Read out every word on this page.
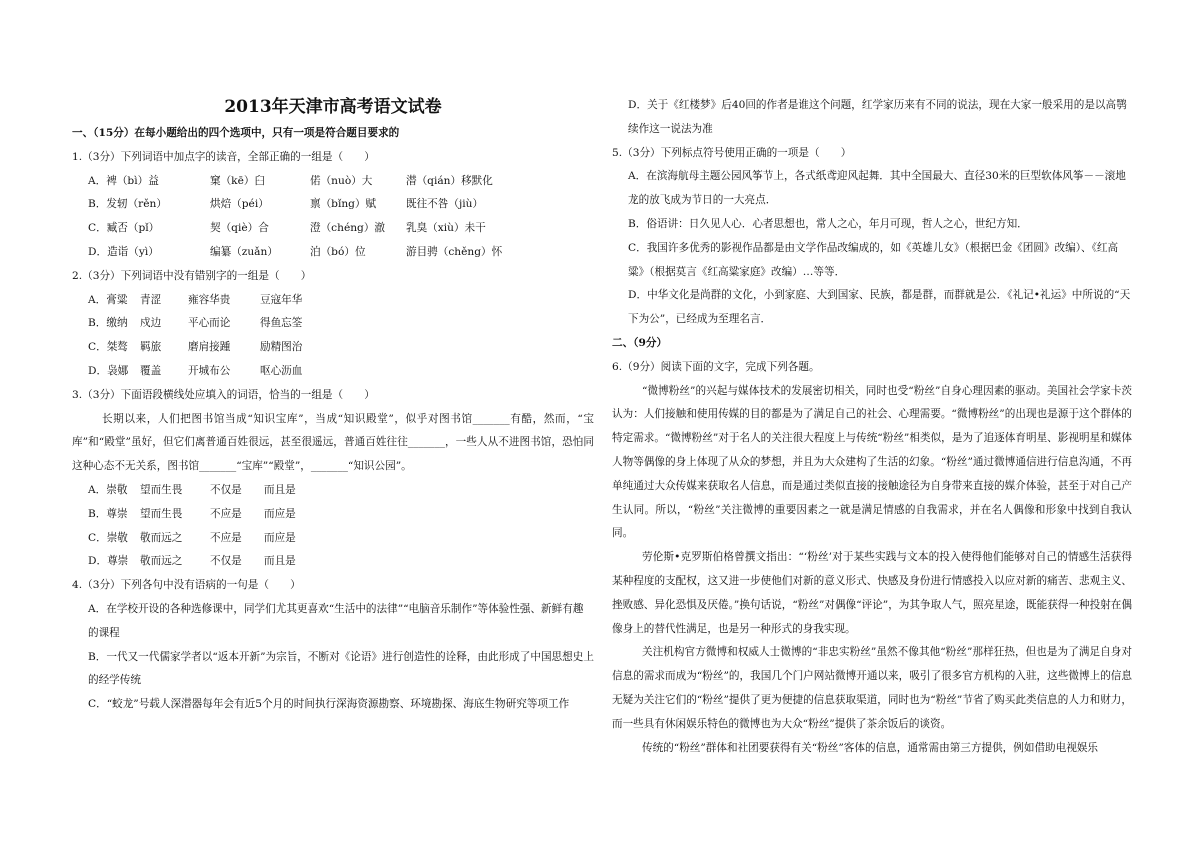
2013年天津市高考语文试卷
一、（15分）在每小题给出的四个选项中，只有一项是符合题目要求的
1.（3分）下列词语中加点字的读音，全部正确的一组是（　　）
A．裨（bì）益	窠（kē）臼	偌（nuò）大	潜（qián）移默化
B．发轫（rěn）	烘焙（péi）	禀（bǐng）赋	既往不咎（jiù）
C．臧否（pǐ）	契（qiè）合	澄（chéng）澈	乳臭（xiù）未干
D．造诣（yì）	编纂（zuǎn）	泊（bó）位	游目骋（chěng）怀
2.（3分）下列词语中没有错别字的一组是（　　）
A．膏粱	青涩	雍容华贵	豆寇年华
B．缴纳	戍边	平心而论	得鱼忘筌
C．桀骜	羁旅	磨肩接踵	励精图治
D．袅娜	覆盖	开城布公	呕心沥血
3.（3分）下面语段横线处应填入的词语，恰当的一组是（　　）
长期以来，人们把图书馆当成“知识宝库”，当成“知识殿堂”，似乎对图书馆_______有酷，然而，“宝库”和“殿堂”虽好，但它们离普通百姓很远，甚至很遥远，普通百姓往往_______，一些人从不进图书馆，恐怕同这种心态不无关系，图书馆_______“宝库”“殿堂”，_______“知识公园”。
A．崇敬	望而生畏	不仅是	而且是
B．尊崇	望而生畏	不应是	而应是
C．崇敬	敬而远之	不应是	而应是
D．尊崇	敬而远之	不仅是	而且是
4.（3分）下列各句中没有语病的一句是（　　）
A．在学校开设的各种选修课中，同学们尤其更喜欢“生活中的法律”“电脑音乐制作”等体验性强、新鲜有趣的课程
B．一代又一代儒家学者以“返本开新”为宗旨，不断对《论语》进行创造性的诠释，由此形成了中国思想史上的经学传统
C．“蛟龙”号载人深潜器每年会有近5个月的时间执行深海资源勘察、环境勘探、海底生物研究等项工作
D．关于《红楼梦》后40回的作者是谁这个问题，红学家历来有不同的说法，现在大家一般采用的是以高鹗续作这一说法为准
5.（3分）下列标点符号使用正确的一项是（　　）
A．在滨海航母主题公园风筝节上，各式纸鸢迎风起舞．其中全国最大、直径30米的巨型软体风筝－－滚地龙的放飞成为节日的一大亮点．
B．俗语讲：日久见人心．心者思想也，常人之心，年月可现，哲人之心，世纪方知．
C．我国许多优秀的影视作品都是由文学作品改编成的，如《英雄儿女》（根据巴金《团圆》改编）、《红高粱》（根据莫言《红高粱家庭》改编）…等等．
D．中华文化是尚群的文化，小到家庭、大到国家、民族，都是群，而群就是公．《礼记•礼运》中所说的“天下为公”，已经成为至理名言．
二、（9分）
6.（9分）阅读下面的文字，完成下列各题。
“微博粉丝”的兴起与媒体技术的发展密切相关，同时也受“粉丝”自身心理因素的驱动。美国社会学家卡茨认为：人们接触和使用传媒的目的都是为了满足自己的社会、心理需要。“微博粉丝”的出现也是源于这个群体的特定需求。“微博粉丝”对于名人的关注很大程度上与传统“粉丝”相类似，是为了追逐体育明星、影视明星和媒体人物等偶像的身上体现了从众的梦想，并且为大众建构了生活的幻象。“粉丝”通过微博通信进行信息沟通，不再单纯通过大众传媒来获取名人信息，而是通过类似直接的接触途径为自身带来直接的媒介体验，甚至于对自己产生认同。所以，“粉丝”关注微博的重要因素之一就是满足情感的自我需求，并在名人偶像和形象中找到自我认同。
劳伦斯•克罗斯伯格曾撰文指出：“‘粉丝’对于某些实践与文本的投入使得他们能够对自己的情感生活获得某种程度的支配权，这又进一步使他们对新的意义形式、快感及身份进行情感投入以应对新的痛苦、悲观主义、挫败感、异化恐惧及厌倦。”换句话说，“粉丝”对偶像“评论”，为其争取人气，照亮星途，既能获得一种投射在偶像身上的替代性满足，也是另一种形式的身我实现。
关注机构官方微博和权威人士微博的“非忠实粉丝”虽然不像其他“粉丝”那样狂热，但也是为了满足自身对信息的需求而成为“粉丝”的，我国几个门户网站微博开通以来，吸引了很多官方机构的入驻，这些微博上的信息无疑为关注它们的“粉丝”提供了更为便捷的信息获取渠道，同时也为“粉丝”节省了购买此类信息的人力和财力，而一些具有休闲娱乐特色的微博也为大众“粉丝”提供了茶余饭后的谈资。
传统的“粉丝”群体和社团要获得有关“粉丝”客体的信息，通常需由第三方提供，例如借助电视娱乐
